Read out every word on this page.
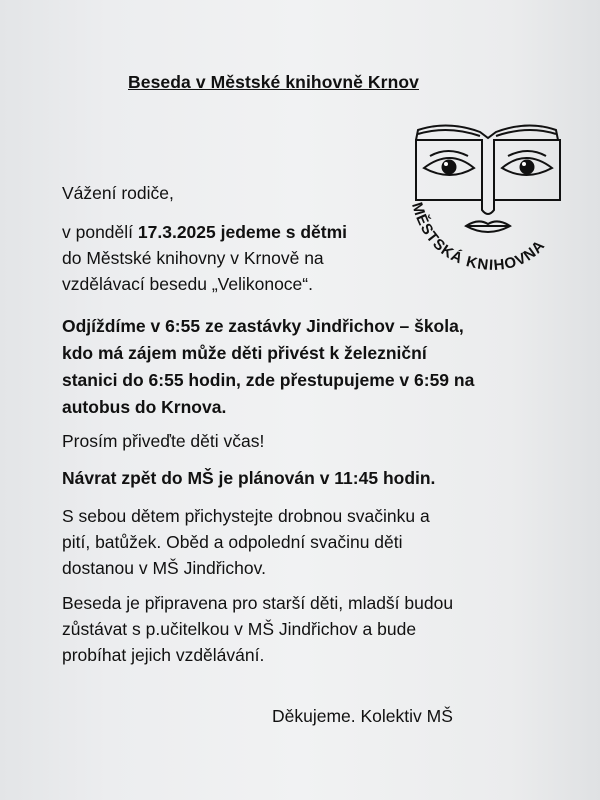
Beseda v Městské knihovně Krnov
MĚSTSKÁ KNIHOVNA
Vážení rodiče,
v pondělí 17.3.2025 jedeme s dětmi
do Městské knihovny v Krnově na
vzdělávací besedu „Velikonoce“.
Odjíždíme v 6:55 ze zastávky Jindřichov – škola,
kdo má zájem může děti přivést k železniční
stanici do 6:55 hodin, zde přestupujeme v 6:59 na
autobus do Krnova.
Prosím přiveďte děti včas!
Návrat zpět do MŠ je plánován v 11:45 hodin.
S sebou dětem přichystejte drobnou svačinku a
pití, batůžek. Oběd a odpolední svačinu děti
dostanou v MŠ Jindřichov.
Beseda je připravena pro starší děti, mladší budou
zůstávat s p.učitelkou v MŠ Jindřichov a bude
probíhat jejich vzdělávání.
Děkujeme. Kolektiv MŠ
